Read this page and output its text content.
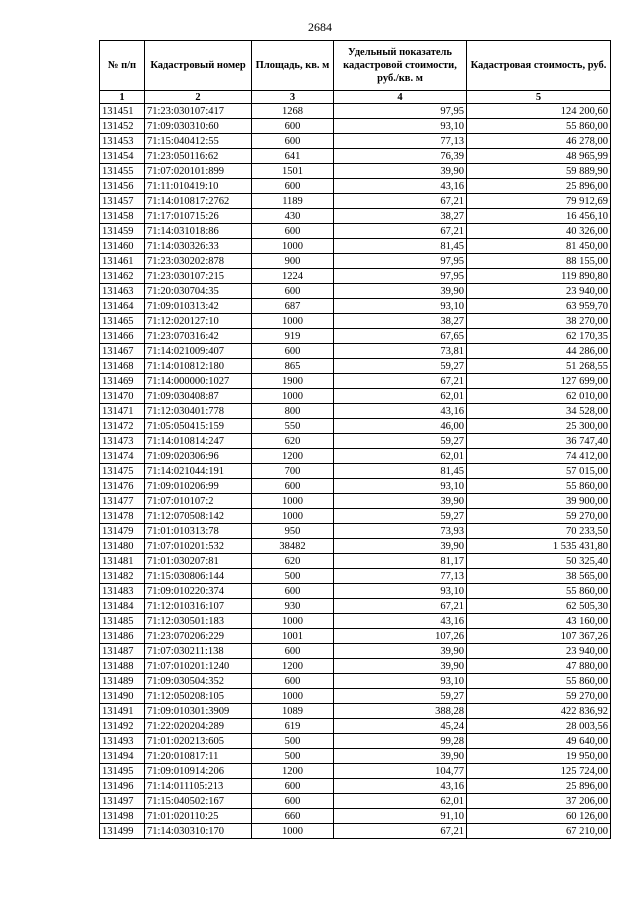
2684
№ п/п	Кадастровый номер	Площадь, кв. м	Удельный показатель кадастровой стоимости, руб./кв. м	Кадастровая стоимость, руб.
1	2	3	4	5
131451	71:23:030107:417	1268	97,95	124 200,60
131452	71:09:030310:60	600	93,10	55 860,00
131453	71:15:040412:55	600	77,13	46 278,00
131454	71:23:050116:62	641	76,39	48 965,99
131455	71:07:020101:899	1501	39,90	59 889,90
131456	71:11:010419:10	600	43,16	25 896,00
131457	71:14:010817:2762	1189	67,21	79 912,69
131458	71:17:010715:26	430	38,27	16 456,10
131459	71:14:031018:86	600	67,21	40 326,00
131460	71:14:030326:33	1000	81,45	81 450,00
131461	71:23:030202:878	900	97,95	88 155,00
131462	71:23:030107:215	1224	97,95	119 890,80
131463	71:20:030704:35	600	39,90	23 940,00
131464	71:09:010313:42	687	93,10	63 959,70
131465	71:12:020127:10	1000	38,27	38 270,00
131466	71:23:070316:42	919	67,65	62 170,35
131467	71:14:021009:407	600	73,81	44 286,00
131468	71:14:010812:180	865	59,27	51 268,55
131469	71:14:000000:1027	1900	67,21	127 699,00
131470	71:09:030408:87	1000	62,01	62 010,00
131471	71:12:030401:778	800	43,16	34 528,00
131472	71:05:050415:159	550	46,00	25 300,00
131473	71:14:010814:247	620	59,27	36 747,40
131474	71:09:020306:96	1200	62,01	74 412,00
131475	71:14:021044:191	700	81,45	57 015,00
131476	71:09:010206:99	600	93,10	55 860,00
131477	71:07:010107:2	1000	39,90	39 900,00
131478	71:12:070508:142	1000	59,27	59 270,00
131479	71:01:010313:78	950	73,93	70 233,50
131480	71:07:010201:532	38482	39,90	1 535 431,80
131481	71:01:030207:81	620	81,17	50 325,40
131482	71:15:030806:144	500	77,13	38 565,00
131483	71:09:010220:374	600	93,10	55 860,00
131484	71:12:010316:107	930	67,21	62 505,30
131485	71:12:030501:183	1000	43,16	43 160,00
131486	71:23:070206:229	1001	107,26	107 367,26
131487	71:07:030211:138	600	39,90	23 940,00
131488	71:07:010201:1240	1200	39,90	47 880,00
131489	71:09:030504:352	600	93,10	55 860,00
131490	71:12:050208:105	1000	59,27	59 270,00
131491	71:09:010301:3909	1089	388,28	422 836,92
131492	71:22:020204:289	619	45,24	28 003,56
131493	71:01:020213:605	500	99,28	49 640,00
131494	71:20:010817:11	500	39,90	19 950,00
131495	71:09:010914:206	1200	104,77	125 724,00
131496	71:14:011105:213	600	43,16	25 896,00
131497	71:15:040502:167	600	62,01	37 206,00
131498	71:01:020110:25	660	91,10	60 126,00
131499	71:14:030310:170	1000	67,21	67 210,00
